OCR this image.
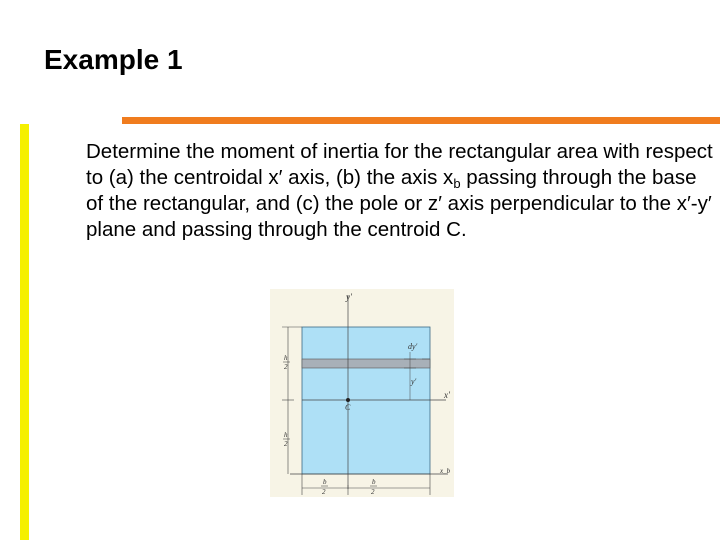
Example 1
Determine the moment of inertia for the rectangular area with respect to (a) the centroidal x′ axis, (b) the axis $x_b$ passing through the base of the rectangular, and (c) the pole or z′ axis perpendicular to the x′-y′ plane and passing through the centroid C.
y′
x′
x_b
dy′
y′
C
h
2
h
2
b
2
b
2
